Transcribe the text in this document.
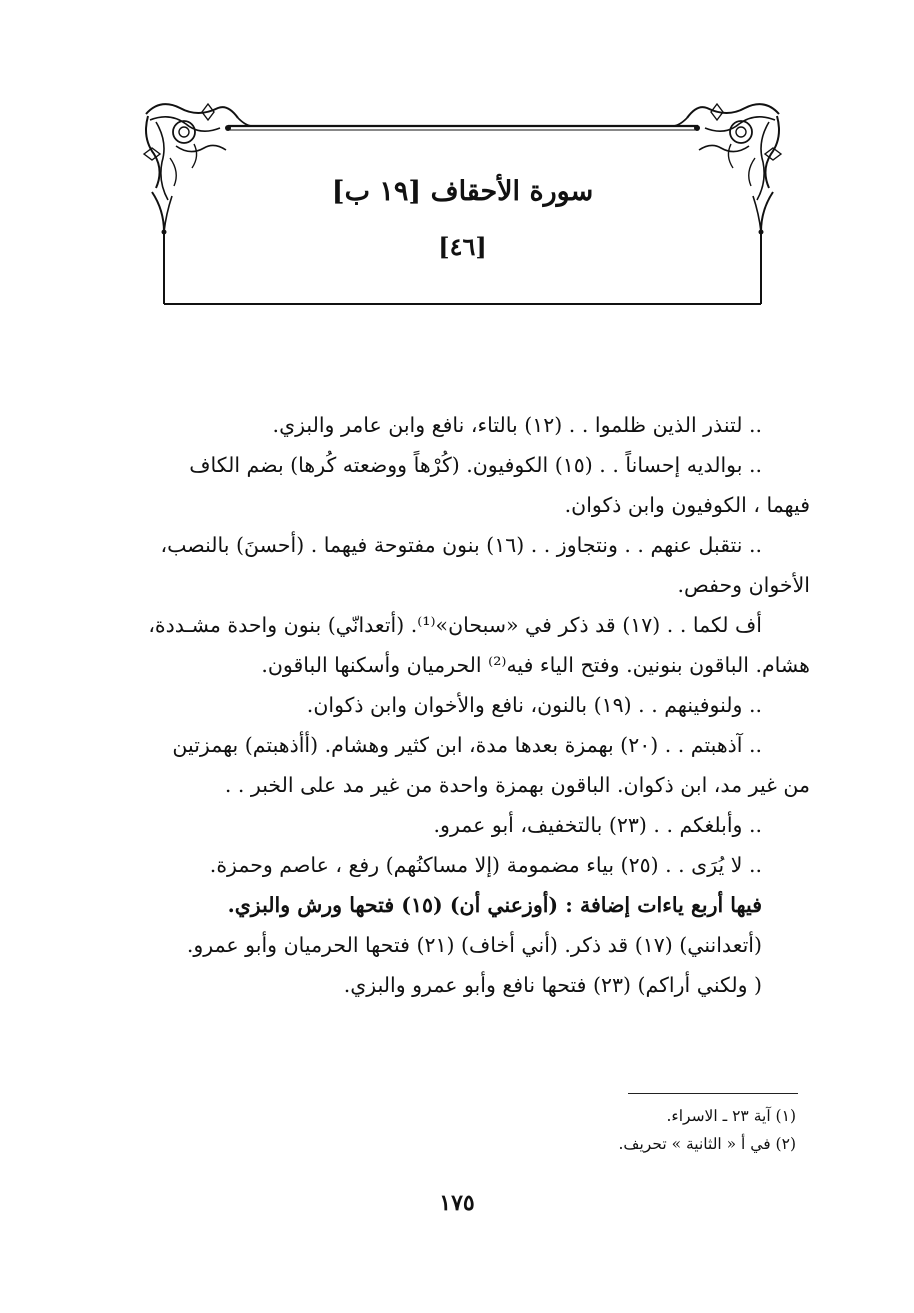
سورة الأحقاف [١٩ ب]
[٤٦]
.. لتنذر الذين ظلموا . . (١٢) بالتاء، نافع وابن عامر والبزي.
.. بوالديه إحساناً . . (١٥) الكوفيون. (كُرْهاً ووضعته كُرها) بضم الكاف
فيهما ، الكوفيون وابن ذكوان.
.. نتقبل عنهم . . ونتجاوز . . (١٦) بنون مفتوحة فيهما . (أحسنَ) بالنصب،
الأخوان وحفص.
أف لكما . . (١٧) قد ذكر في «سبحان»⁽¹⁾. (أتعدانّي) بنون واحدة مشـددة،
هشام. الباقون بنونين. وفتح الياء فيه⁽²⁾ الحرميان وأسكنها الباقون.
.. ولنوفينهم . . (١٩) بالنون، نافع والأخوان وابن ذكوان.
.. آذهبتم . . (٢٠) بهمزة بعدها مدة، ابن كثير وهشام. (أأذهبتم) بهمزتين
من غير مد، ابن ذكوان. الباقون بهمزة واحدة من غير مد على الخبر . .
.. وأبلغكم . . (٢٣) بالتخفيف، أبو عمرو.
.. لا يُرَى . . (٢٥) بياء مضمومة (إلا مساكنُهم) رفع ، عاصم وحمزة.
فيها أربع ياءات إضافة : (أوزعني أن) (١٥) فتحها ورش والبزي.
(أتعدانني) (١٧) قد ذكر. (أني أخاف) (٢١) فتحها الحرميان وأبو عمرو.
( ولكني أراكم) (٢٣) فتحها نافع وأبو عمرو والبزي.
(١) آية ٢٣ ـ الاسراء.
(٢) في أ « الثانية » تحريف.
١٧٥
